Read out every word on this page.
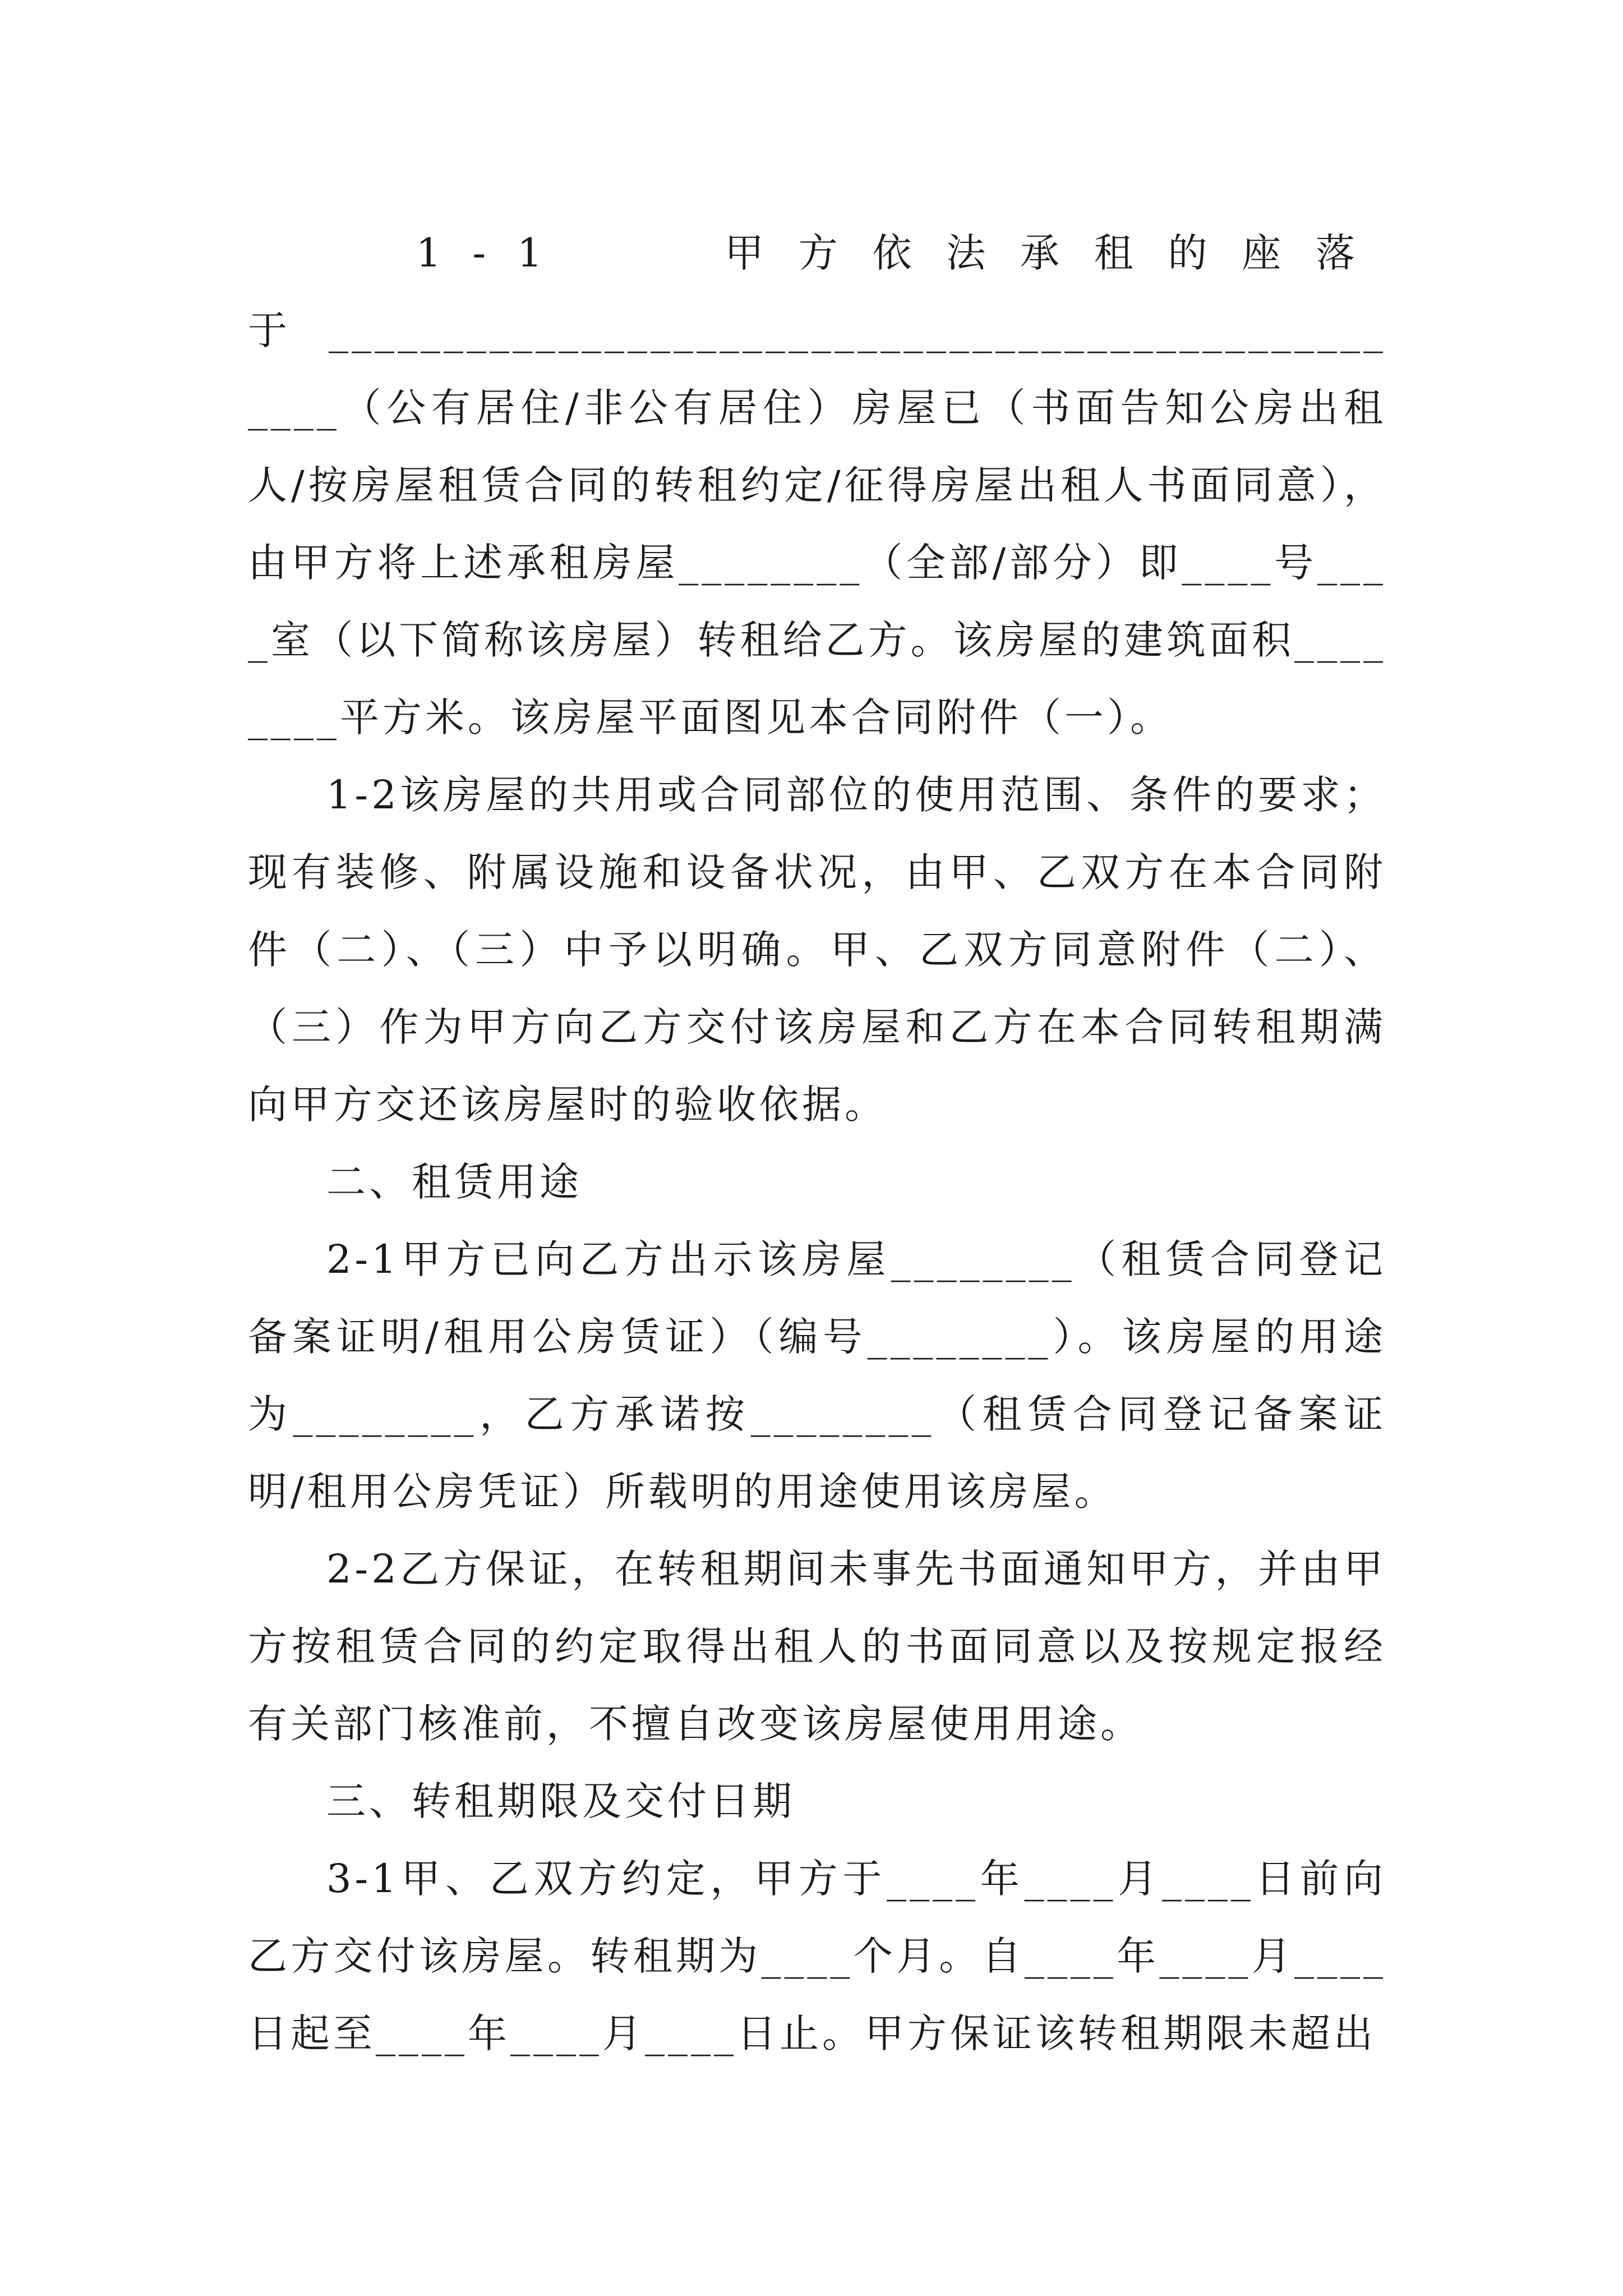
1-1　　甲方依法承租的座落于__________________________________________________（公有居住/非公有居住）房屋已（书面告知公房出租人/按房屋租赁合同的转租约定/征得房屋出租人书面同意），由甲方将上述承租房屋________（全部/部分）即____号____室（以下简称该房屋）转租给乙方。该房屋的建筑面积________平方米。该房屋平面图见本合同附件（一）。

1-2该房屋的共用或合同部位的使用范围、条件的要求；现有装修、附属设施和设备状况，由甲、乙双方在本合同附件（二）、（三）中予以明确。甲、乙双方同意附件（二）、（三）作为甲方向乙方交付该房屋和乙方在本合同转租期满向甲方交还该房屋时的验收依据。

二、租赁用途

2-1甲方已向乙方出示该房屋________（租赁合同登记备案证明/租用公房赁证）（编号________）。该房屋的用途为________，乙方承诺按________（租赁合同登记备案证明/租用公房凭证）所载明的用途使用该房屋。

2-2乙方保证，在转租期间未事先书面通知甲方，并由甲方按租赁合同的约定取得出租人的书面同意以及按规定报经有关部门核准前，不擅自改变该房屋使用用途。

三、转租期限及交付日期

3-1甲、乙双方约定，甲方于____年____月____日前向乙方交付该房屋。转租期为____个月。自____年____月____日起至____年____月____日止。甲方保证该转租期限未超出
